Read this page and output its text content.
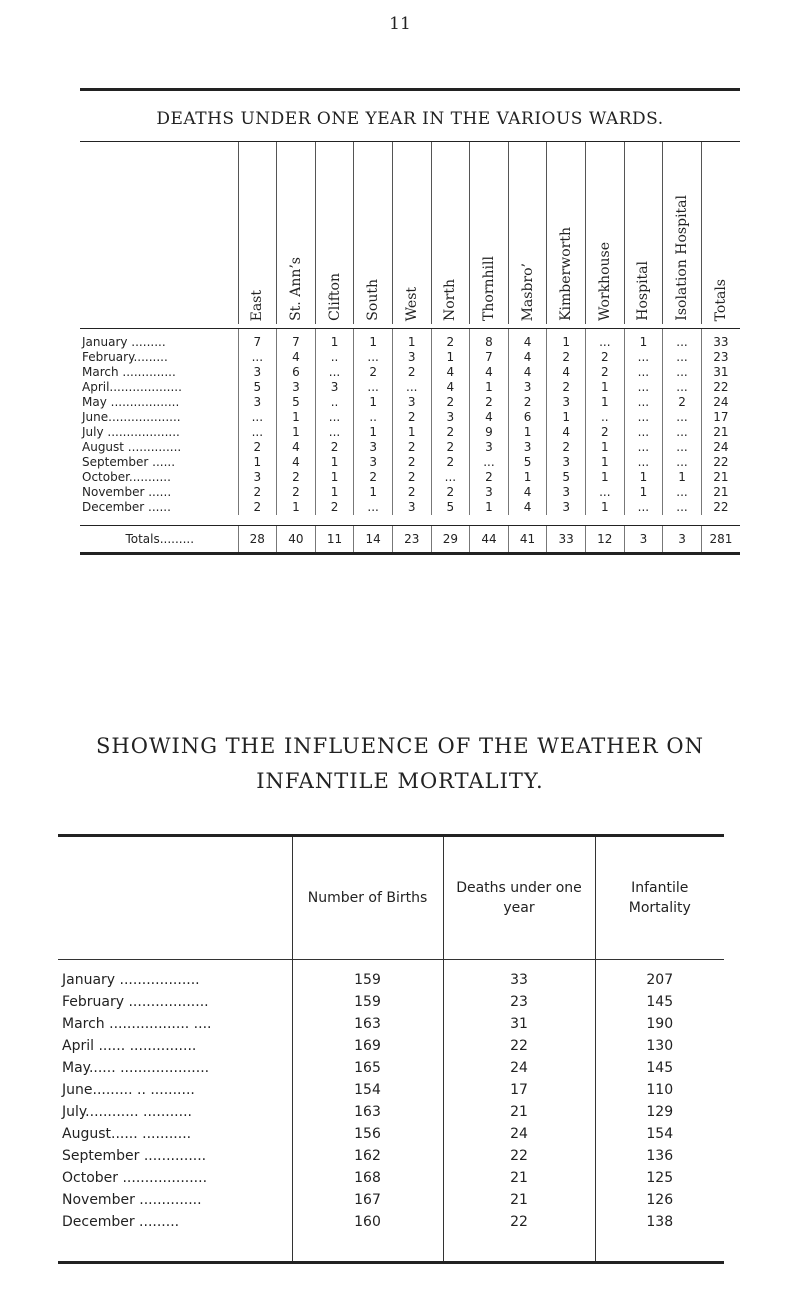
11
DEATHS UNDER ONE YEAR IN THE VARIOUS WARDS.
	East	St. Ann’s	Clifton	South	West	North	Thornhill	Masbro’	Kimberworth	Workhouse	Hospital	Isolation Hospital	Totals

January .........	7	7	1	1	1	2	8	4	1	...	1	...	33
February.........	...	4	..	...	3	1	7	4	2	2	...	...	23
March ..............	3	6	...	2	2	4	4	4	4	2	...	...	31
April...................	5	3	3	...	...	4	1	3	2	1	...	...	22
May ..................	3	5	..	1	3	2	2	2	3	1	...	2	24
June...................	...	1	...	..	2	3	4	6	1	..	...	...	17
July ...................	...	1	...	1	1	2	9	1	4	2	...	...	21
August ..............	2	4	2	3	2	2	3	3	2	1	...	...	24
September ......	1	4	1	3	2	2	...	5	3	1	...	...	22
October...........	3	2	1	2	2	...	2	1	5	1	1	1	21
November ......	2	2	1	1	2	2	3	4	3	...	1	...	21
December ......	2	1	2	...	3	5	1	4	3	1	...	...	22

Totals.........	28	40	11	14	23	29	44	41	33	12	3	3	281
SHOWING THE INFLUENCE OF THE WEATHER ON
INFANTILE MORTALITY.
	Number of Births	Deaths under one year	Infantile Mortality
January ..................	159	33	207
February ..................	159	23	145
March .................. ....	163	31	190
April ...... ...............	169	22	130
May...... ....................	165	24	145
June......... .. ..........	154	17	110
July............ ...........	163	21	129
August...... ...........	156	24	154
September ..............	162	22	136
October ...................	168	21	125
November ..............	167	21	126
December .........	160	22	138
